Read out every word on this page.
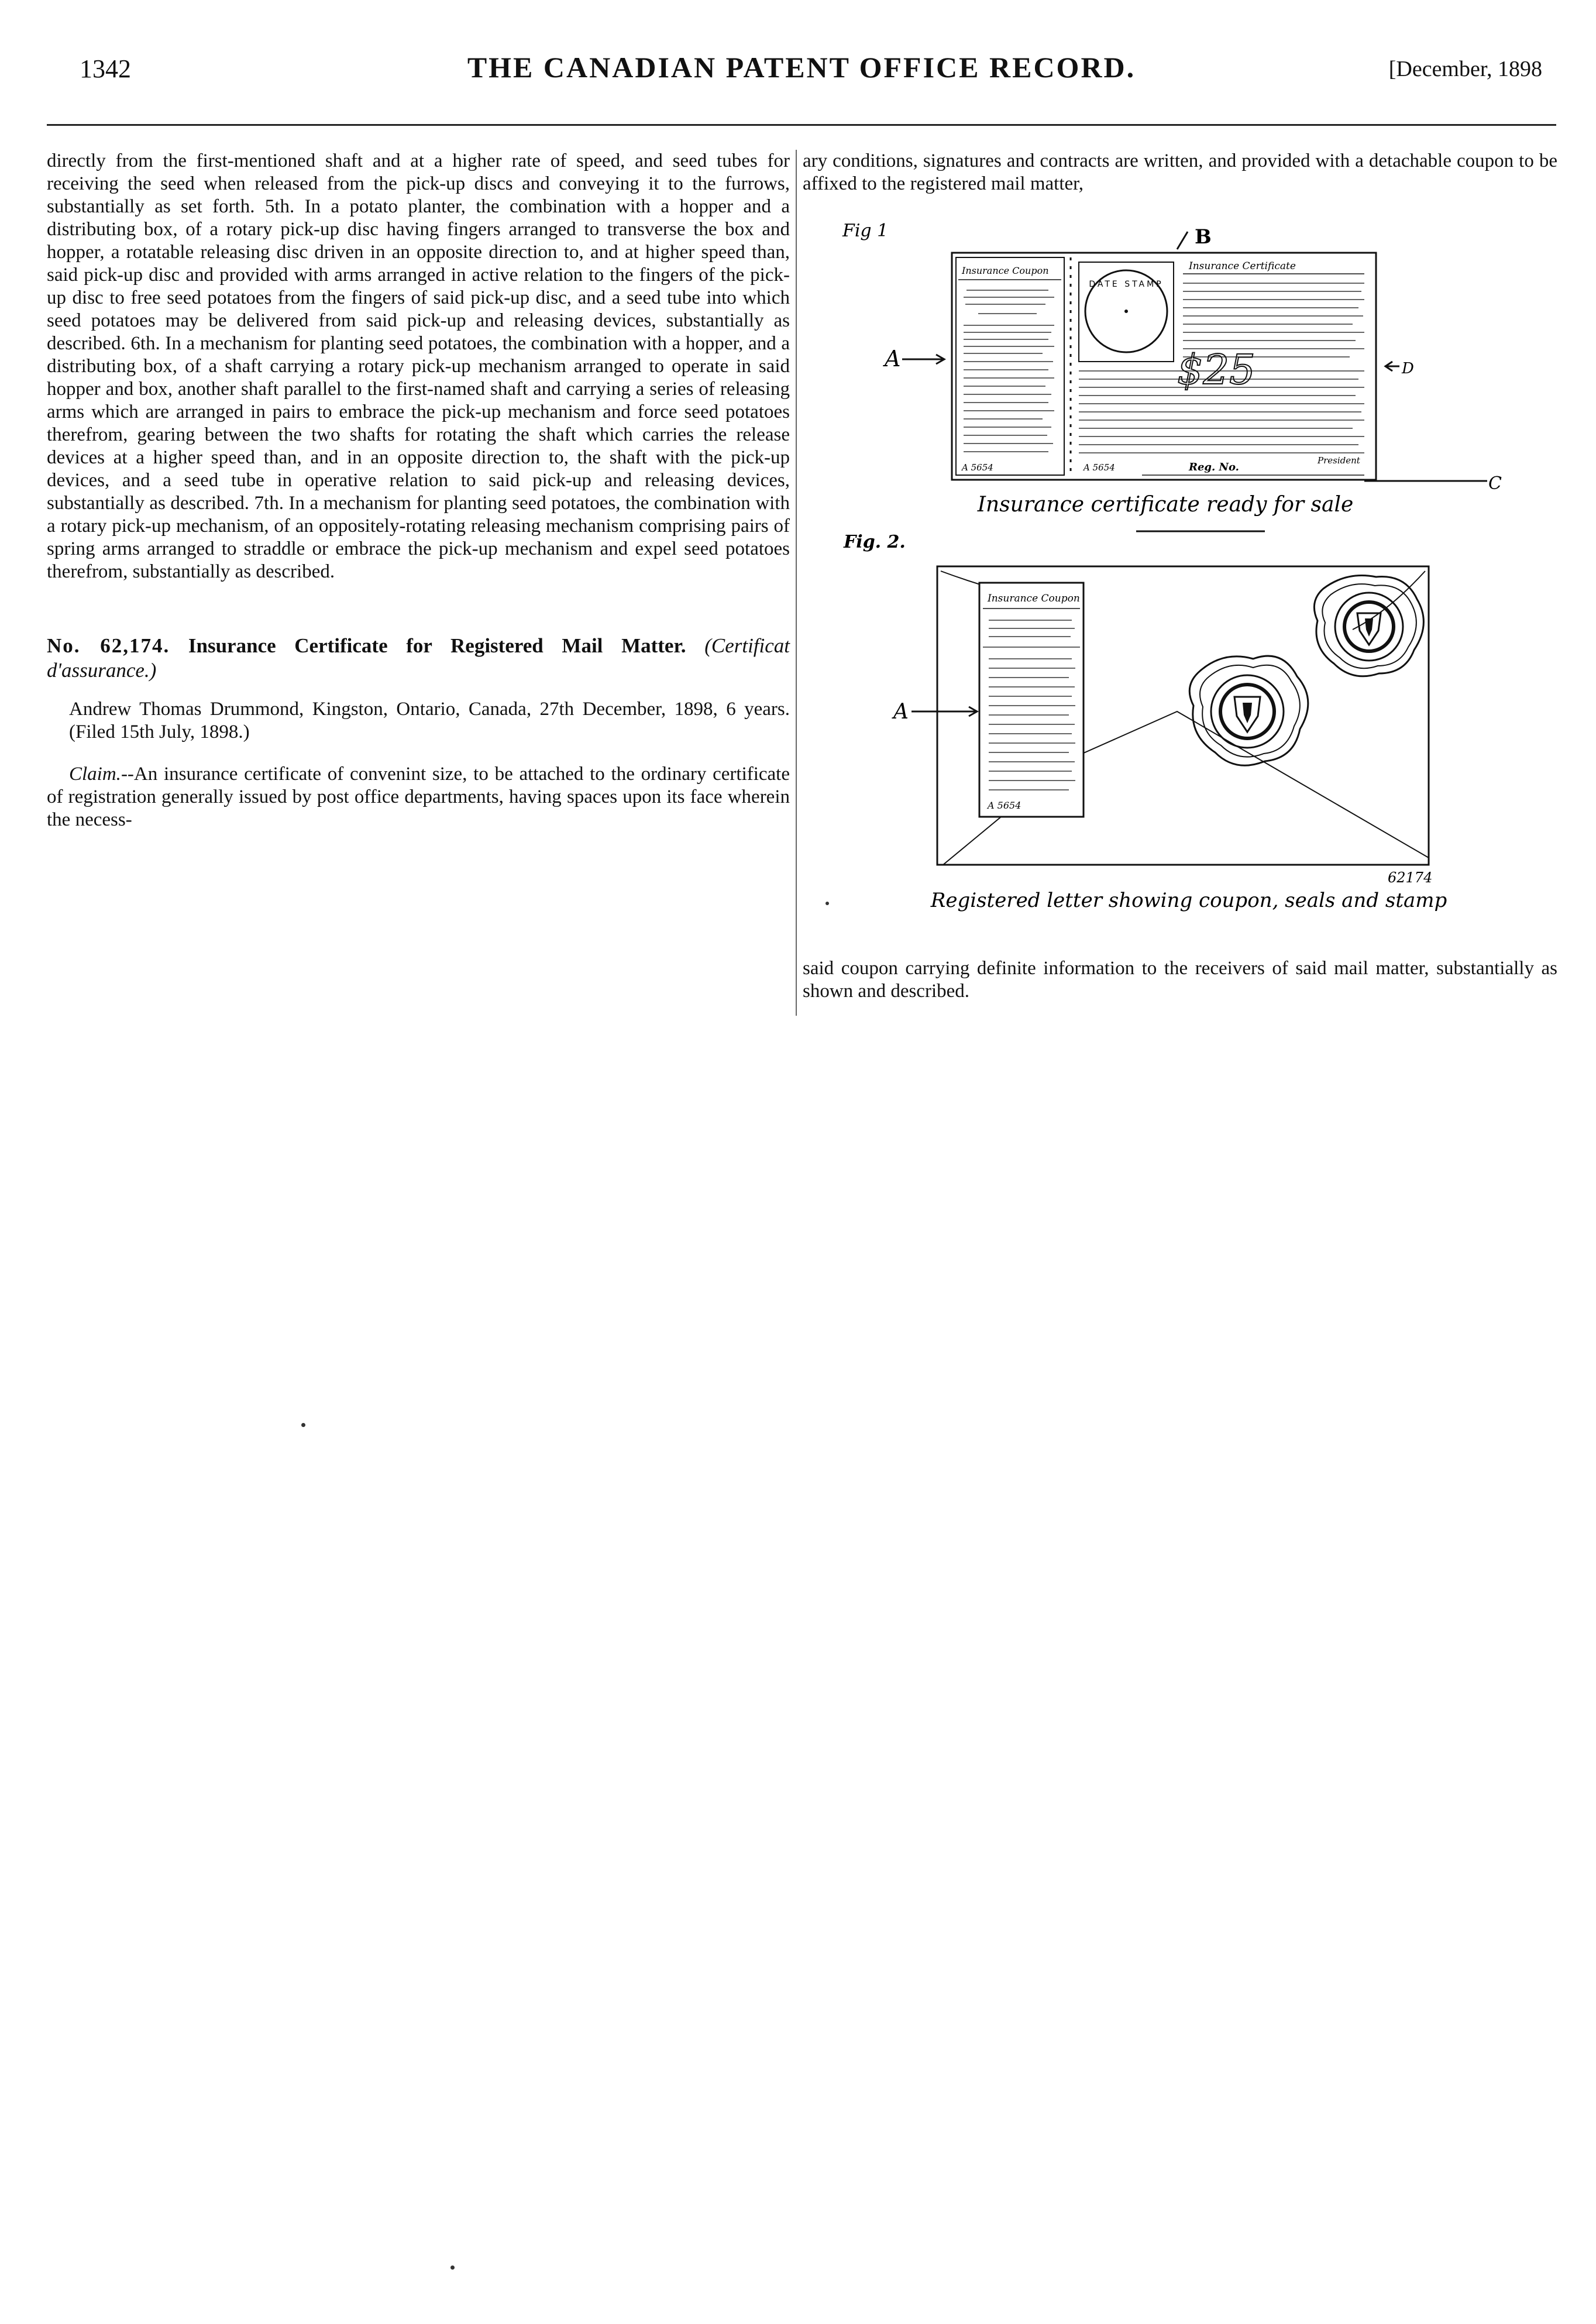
1342	THE CANADIAN PATENT OFFICE RECORD.	[December, 1898

directly from the first-mentioned shaft and at a higher rate of speed, and seed tubes for receiving the seed when released from the pick-up discs and conveying it to the furrows, substantially as set forth. 5th. In a potato planter, the combination with a hopper and a distributing box, of a rotary pick-up disc having fingers arranged to transverse the box and hopper, a rotatable releasing disc driven in an opposite direction to, and at higher speed than, said pick-up disc and provided with arms arranged in active relation to the fingers of the pick-up disc to free seed potatoes from the fingers of said pick-up disc, and a seed tube into which seed potatoes may be delivered from said pick-up and releasing devices, substantially as described. 6th. In a mechanism for planting seed potatoes, the combination with a hopper, and a distributing box, of a shaft carrying a rotary pick-up mechanism arranged to operate in said hopper and box, another shaft parallel to the first-named shaft and carrying a series of releasing arms which are arranged in pairs to embrace the pick-up mechanism and force seed potatoes therefrom, gearing between the two shafts for rotating the shaft which carries the release devices at a higher speed than, and in an opposite direction to, the shaft with the pick-up devices, and a seed tube in operative relation to said pick-up and releasing devices, substantially as described. 7th. In a mechanism for planting seed potatoes, the combination with a rotary pick-up mechanism, of an oppositely-rotating releasing mechanism comprising pairs of spring arms arranged to straddle or embrace the pick-up mechanism and expel seed potatoes therefrom, substantially as described.

No. 62,174. Insurance Certificate for Registered Mail Matter. (Certificat d'assurance.)

Andrew Thomas Drummond, Kingston, Ontario, Canada, 27th December, 1898, 6 years. (Filed 15th July, 1898.)

Claim.--An insurance certificate of convenint size, to be attached to the ordinary certificate of registration generally issued by post office departments, having spaces upon its face wherein the necess-

ary conditions, signatures and contracts are written, and provided with a detachable coupon to be affixed to the registered mail matter,

Fig 1	B
Insurance Coupon
A 5654
DATE STAMP
Insurance Certificate
$25
A 5654	Reg. No.
President
A	D
C
Insurance certificate ready for sale
Fig. 2.
Insurance Coupon
A 5654
A
62174
Registered letter showing coupon, seals and stamp

said coupon carrying definite information to the receivers of said mail matter, substantially as shown and described.
